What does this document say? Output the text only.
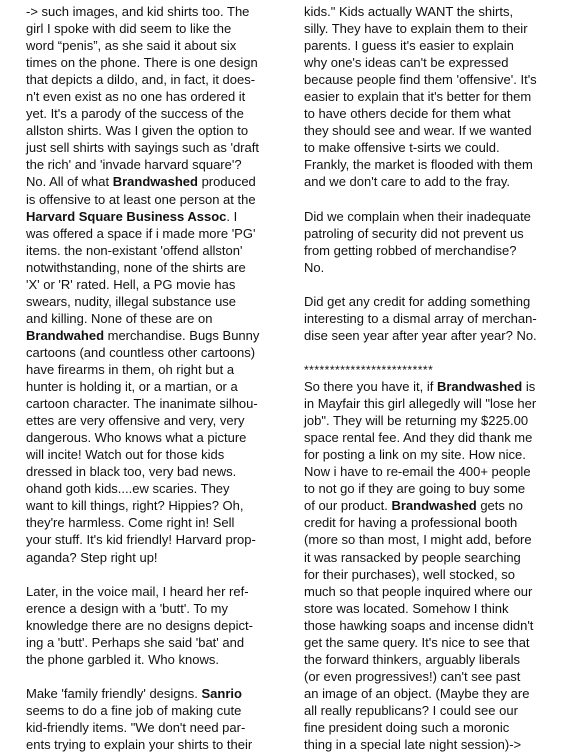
-> such images, and kid shirts too. The
girl I spoke with did seem to like the
word “penis”, as she said it about six
times on the phone. There is one design
that depicts a dildo, and, in fact, it does-
n't even exist as no one has ordered it
yet. It's a parody of the success of the
allston shirts. Was I given the option to
just sell shirts with sayings such as 'draft
the rich' and 'invade harvard square'?
No. All of what Brandwashed produced
is offensive to at least one person at the
Harvard Square Business Assoc. I
was offered a space if i made more 'PG'
items. the non-existant 'offend allston'
notwithstanding, none of the shirts are
'X' or 'R' rated. Hell, a PG movie has
swears, nudity, illegal substance use
and killing. None of these are on
Brandwahed merchandise. Bugs Bunny
cartoons (and countless other cartoons)
have firearms in them, oh right but a
hunter is holding it, or a martian, or a
cartoon character. The inanimate silhou-
ettes are very offensive and very, very
dangerous. Who knows what a picture
will incite! Watch out for those kids
dressed in black too, very bad news.
ohand goth kids....ew scaries. They
want to kill things, right? Hippies? Oh,
they're harmless. Come right in! Sell
your stuff. It's kid friendly! Harvard prop-
aganda? Step right up!
Later, in the voice mail, I heard her ref-
erence a design with a 'butt'. To my
knowledge there are no designs depict-
ing a 'butt'. Perhaps she said 'bat' and
the phone garbled it. Who knows.
Make 'family friendly' designs. Sanrio
seems to do a fine job of making cute
kid-friendly items. "We don't need par-
ents trying to explain your shirts to their
kids." Kids actually WANT the shirts,
silly. They have to explain them to their
parents. I guess it's easier to explain
why one's ideas can't be expressed
because people find them 'offensive'. It's
easier to explain that it's better for them
to have others decide for them what
they should see and wear. If we wanted
to make offensive t-sirts we could.
Frankly, the market is flooded with them
and we don't care to add to the fray.
Did we complain when their inadequate
patroling of security did not prevent us
from getting robbed of merchandise?
No.
Did get any credit for adding something
interesting to a dismal array of merchan-
dise seen year after year after year? No.
*************************
So there you have it, if Brandwashed is
in Mayfair this girl allegedly will "lose her
job". They will be returning my $225.00
space rental fee. And they did thank me
for posting a link on my site. How nice.
Now i have to re-email the 400+ people
to not go if they are going to buy some
of our product. Brandwashed gets no
credit for having a professional booth
(more so than most, I might add, before
it was ransacked by people searching
for their purchases), well stocked, so
much so that people inquired where our
store was located. Somehow I think
those hawking soaps and incense didn't
get the same query. It's nice to see that
the forward thinkers, arguably liberals
(or even progressives!) can't see past
an image of an object. (Maybe they are
all really republicans? I could see our
fine president doing such a moronic
thing in a special late night session)->
